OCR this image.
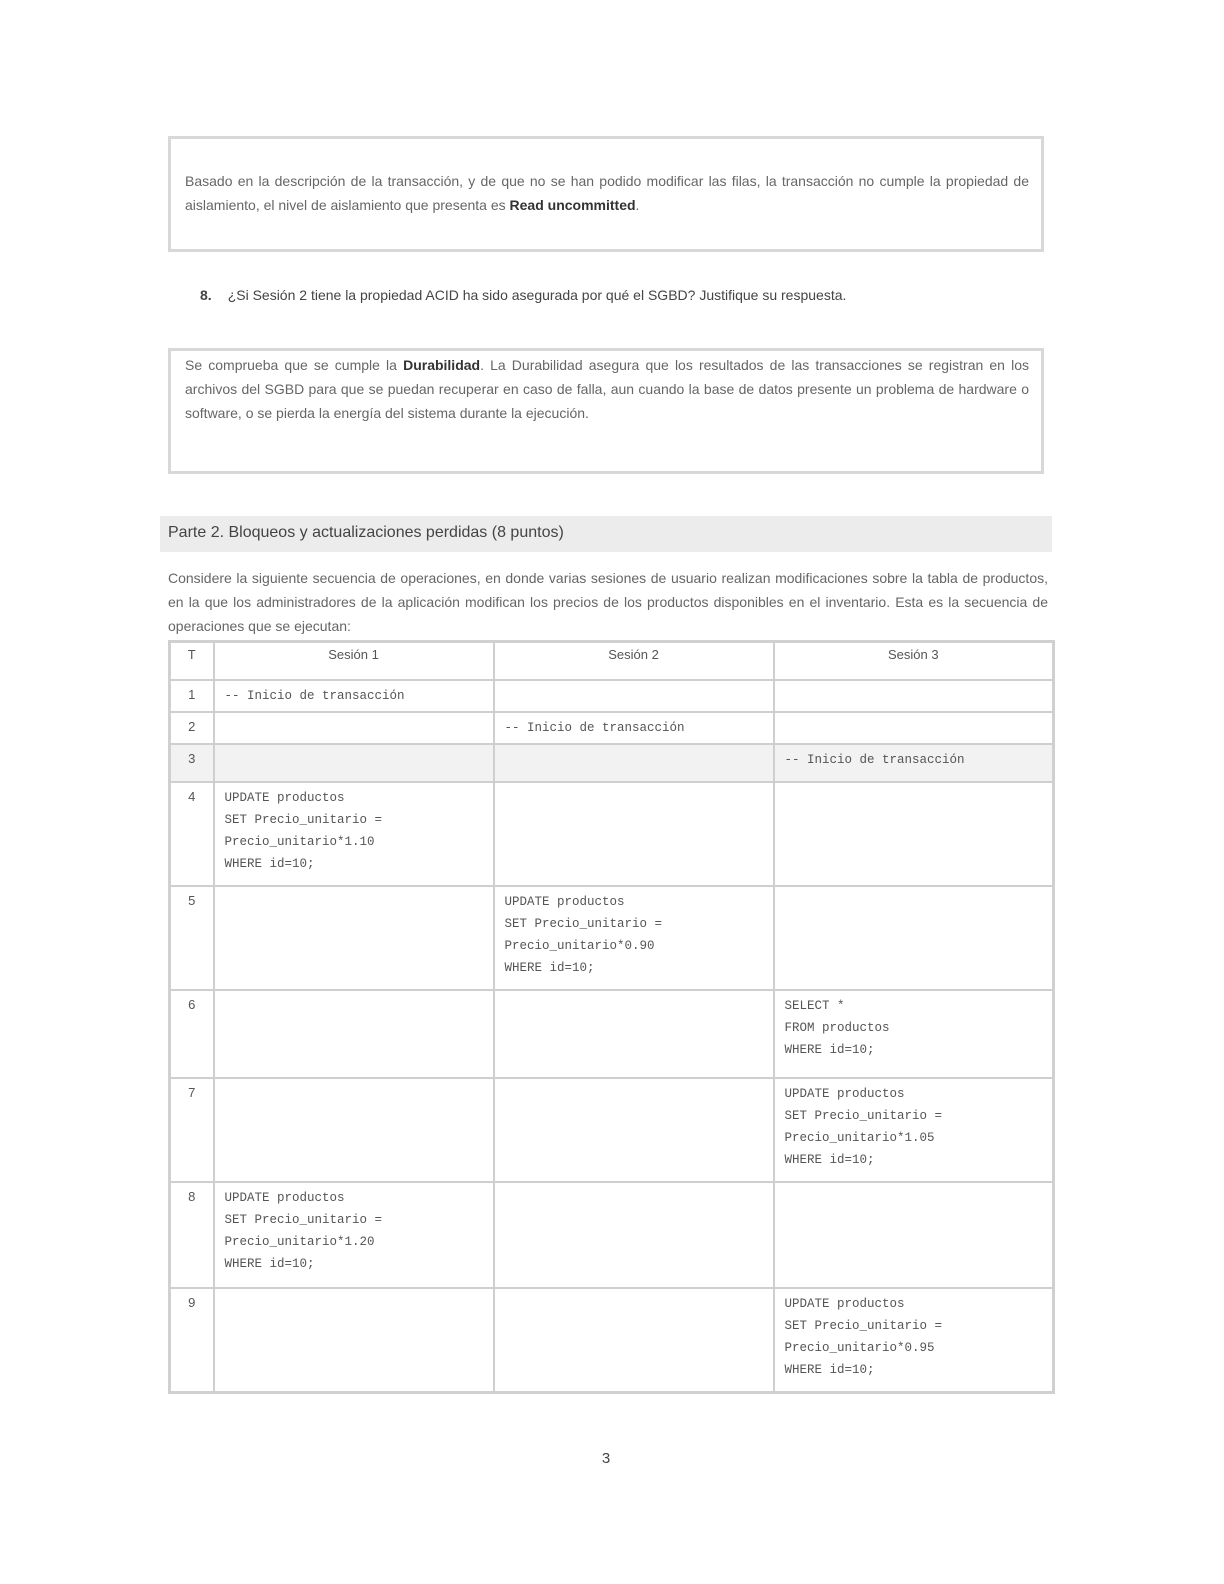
Basado en la descripción de la transacción, y de que no se han podido modificar las filas, la transacción no cumple la propiedad de aislamiento, el nivel de aislamiento que presenta es Read uncommitted.
8. ¿Si Sesión 2 tiene la propiedad ACID ha sido asegurada por qué el SGBD? Justifique su respuesta.
Se comprueba que se cumple la Durabilidad. La Durabilidad asegura que los resultados de las transacciones se registran en los archivos del SGBD para que se puedan recuperar en caso de falla, aun cuando la base de datos presente un problema de hardware o software, o se pierda la energía del sistema durante la ejecución.
Parte 2. Bloqueos y actualizaciones perdidas (8 puntos)
Considere la siguiente secuencia de operaciones, en donde varias sesiones de usuario realizan modificaciones sobre la tabla de productos, en la que los administradores de la aplicación modifican los precios de los productos disponibles en el inventario. Esta es la secuencia de operaciones que se ejecutan:
T	Sesión 1	Sesión 2	Sesión 3
1	-- Inicio de transacción		
2		-- Inicio de transacción	
3			-- Inicio de transacción
4	UPDATE productos
SET Precio_unitario =
Precio_unitario*1.10
WHERE id=10;		
5		UPDATE productos
SET Precio_unitario =
Precio_unitario*0.90
WHERE id=10;	
6			SELECT *
FROM productos
WHERE id=10;
7			UPDATE productos
SET Precio_unitario =
Precio_unitario*1.05
WHERE id=10;
8	UPDATE productos
SET Precio_unitario =
Precio_unitario*1.20
WHERE id=10;		
9			UPDATE productos
SET Precio_unitario =
Precio_unitario*0.95
WHERE id=10;
3
